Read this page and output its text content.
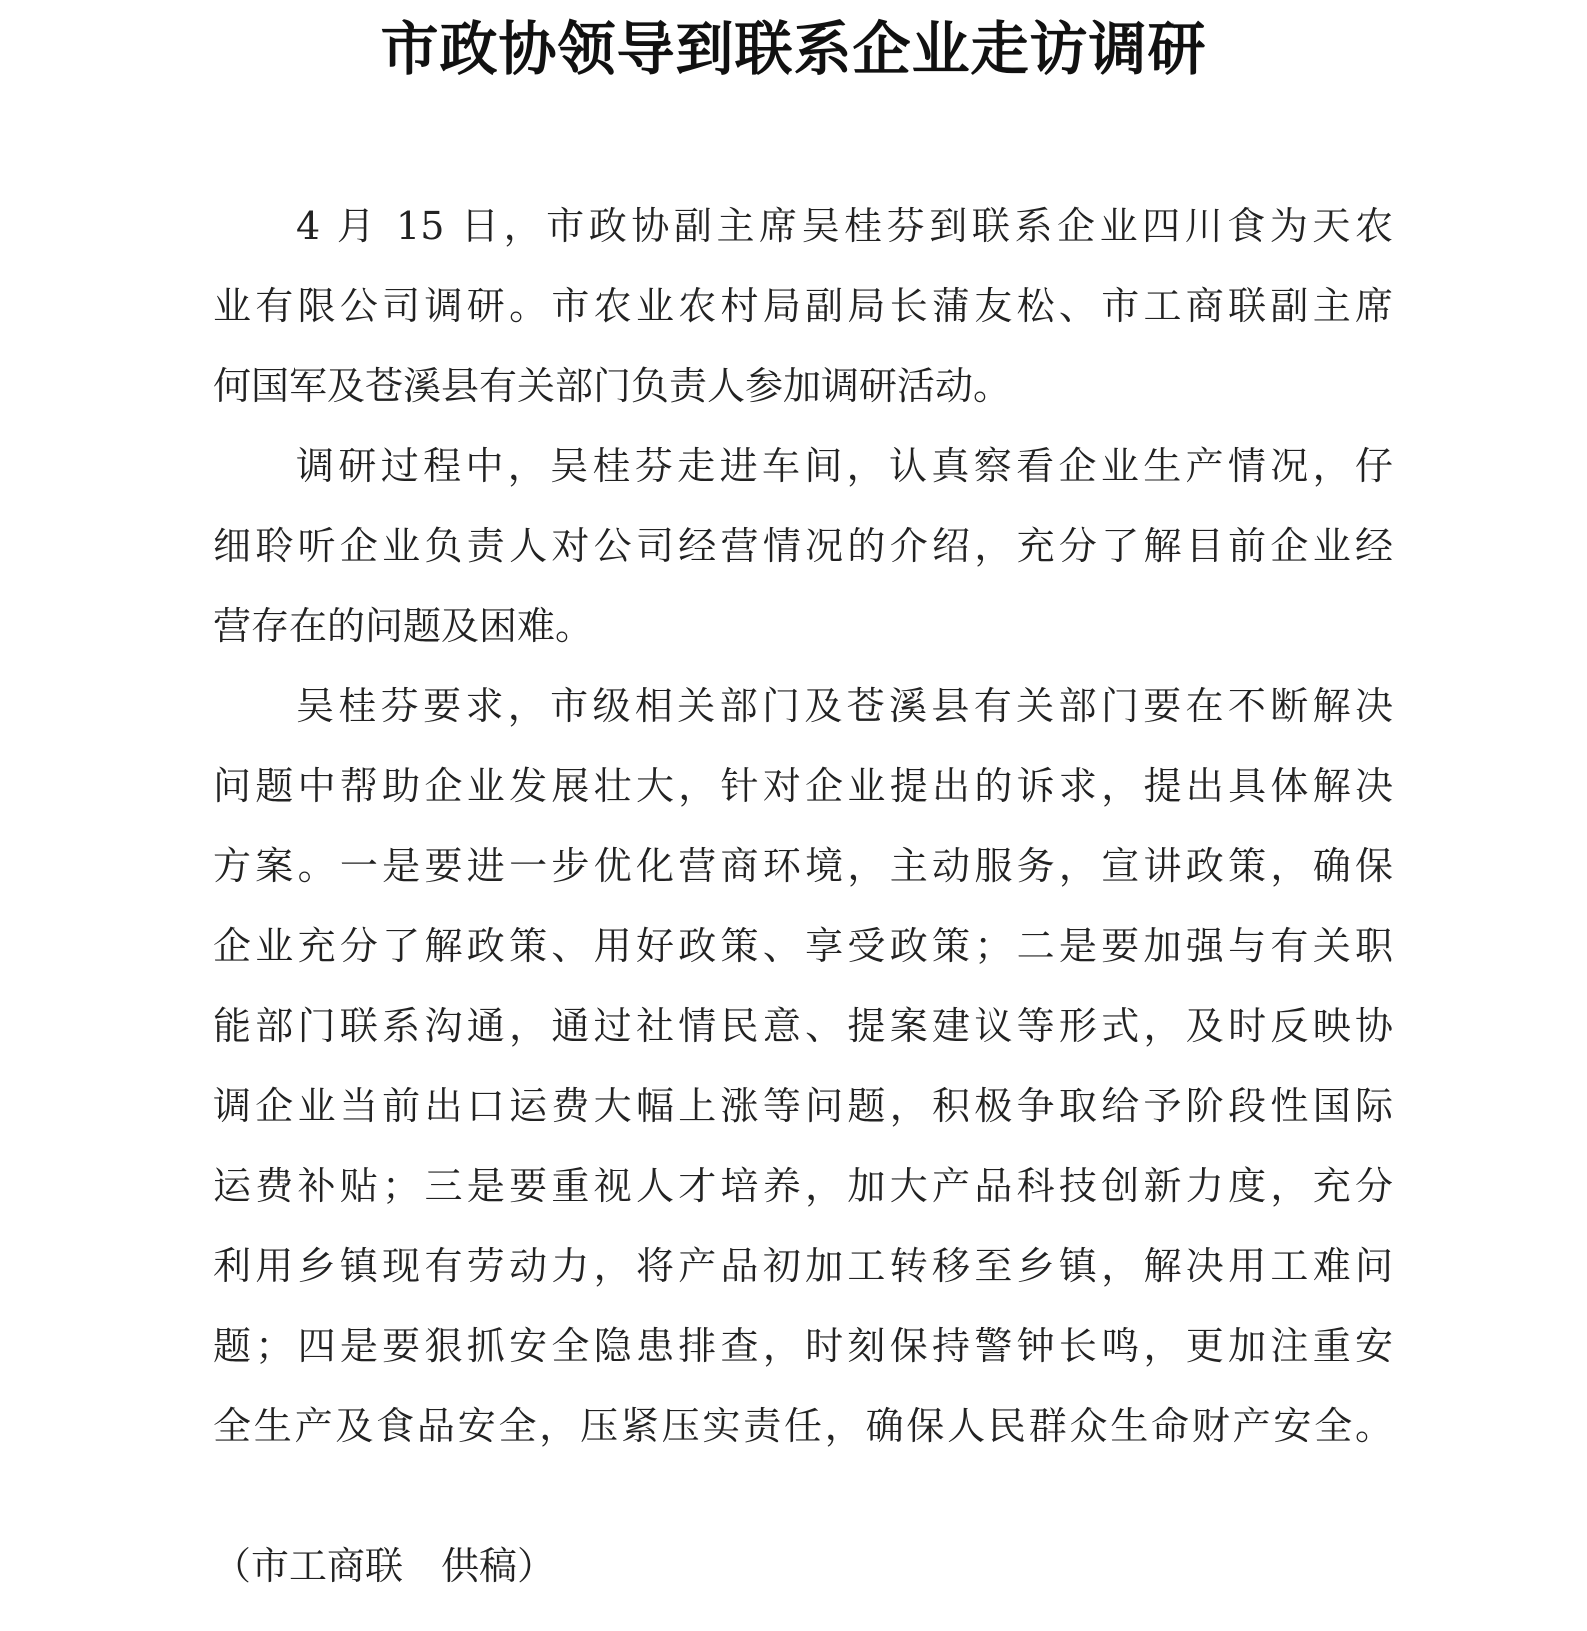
市政协领导到联系企业走访调研
4 月 15 日，市政协副主席吴桂芬到联系企业四川食为天农
业有限公司调研。市农业农村局副局长蒲友松、市工商联副主席
何国军及苍溪县有关部门负责人参加调研活动。
调研过程中，吴桂芬走进车间，认真察看企业生产情况，仔
细聆听企业负责人对公司经营情况的介绍，充分了解目前企业经
营存在的问题及困难。
吴桂芬要求，市级相关部门及苍溪县有关部门要在不断解决
问题中帮助企业发展壮大，针对企业提出的诉求，提出具体解决
方案。一是要进一步优化营商环境，主动服务，宣讲政策，确保
企业充分了解政策、用好政策、享受政策；二是要加强与有关职
能部门联系沟通，通过社情民意、提案建议等形式，及时反映协
调企业当前出口运费大幅上涨等问题，积极争取给予阶段性国际
运费补贴；三是要重视人才培养，加大产品科技创新力度，充分
利用乡镇现有劳动力，将产品初加工转移至乡镇，解决用工难问
题；四是要狠抓安全隐患排查，时刻保持警钟长鸣，更加注重安
全生产及食品安全，压紧压实责任，确保人民群众生命财产安全。
（市工商联　供稿）
